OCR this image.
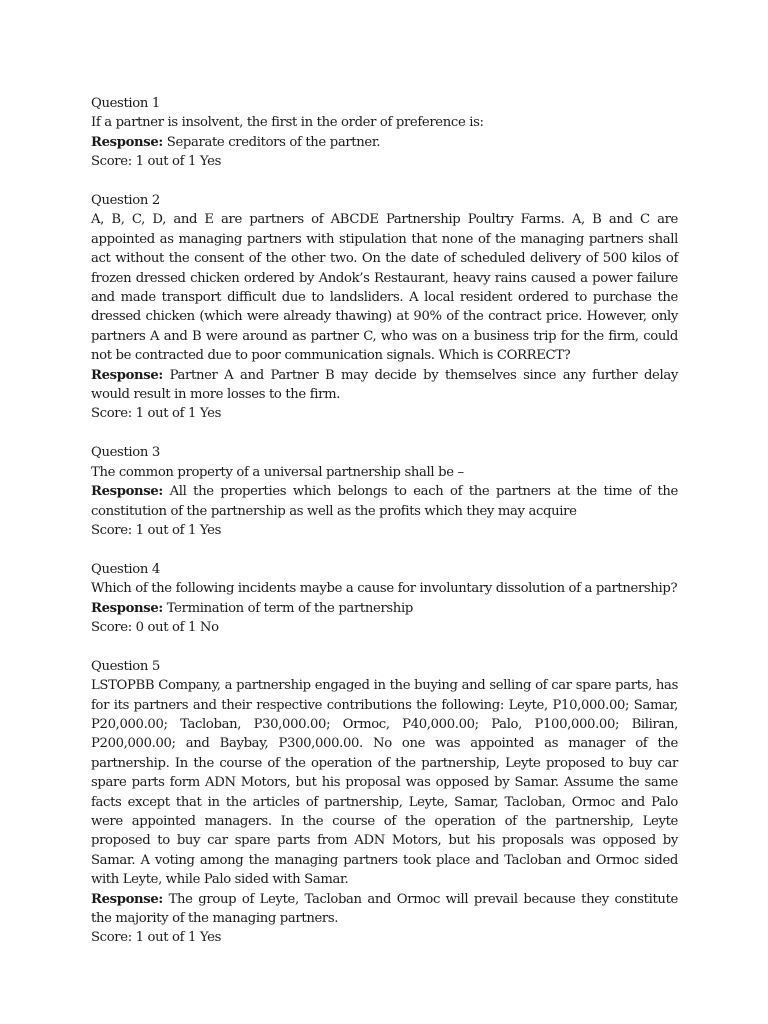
Question 1
If a partner is insolvent, the first in the order of preference is:
Response: Separate creditors of the partner.
Score: 1 out of 1 Yes
Question 2
A, B, C, D, and E are partners of ABCDE Partnership Poultry Farms. A, B and C are appointed as managing partners with stipulation that none of the managing partners shall act without the consent of the other two. On the date of scheduled delivery of 500 kilos of frozen dressed chicken ordered by Andok’s Restaurant, heavy rains caused a power failure and made transport difficult due to landsliders. A local resident ordered to purchase the dressed chicken (which were already thawing) at 90% of the contract price. However, only partners A and B were around as partner C, who was on a business trip for the firm, could not be contracted due to poor communication signals. Which is CORRECT?
Response: Partner A and Partner B may decide by themselves since any further delay would result in more losses to the firm.
Score: 1 out of 1 Yes
Question 3
The common property of a universal partnership shall be –
Response: All the properties which belongs to each of the partners at the time of the constitution of the partnership as well as the profits which they may acquire
Score: 1 out of 1 Yes
Question 4
Which of the following incidents maybe a cause for involuntary dissolution of a partnership?
Response: Termination of term of the partnership
Score: 0 out of 1 No
Question 5
LSTOPBB Company, a partnership engaged in the buying and selling of car spare parts, has for its partners and their respective contributions the following: Leyte, P10,000.00; Samar, P20,000.00; Tacloban, P30,000.00; Ormoc, P40,000.00; Palo, P100,000.00; Biliran, P200,000.00; and Baybay, P300,000.00. No one was appointed as manager of the partnership. In the course of the operation of the partnership, Leyte proposed to buy car spare parts form ADN Motors, but his proposal was opposed by Samar. Assume the same facts except that in the articles of partnership, Leyte, Samar, Tacloban, Ormoc and Palo were appointed managers. In the course of the operation of the partnership, Leyte proposed to buy car spare parts from ADN Motors, but his proposals was opposed by Samar. A voting among the managing partners took place and Tacloban and Ormoc sided with Leyte, while Palo sided with Samar.
Response: The group of Leyte, Tacloban and Ormoc will prevail because they constitute the majority of the managing partners.
Score: 1 out of 1 Yes
